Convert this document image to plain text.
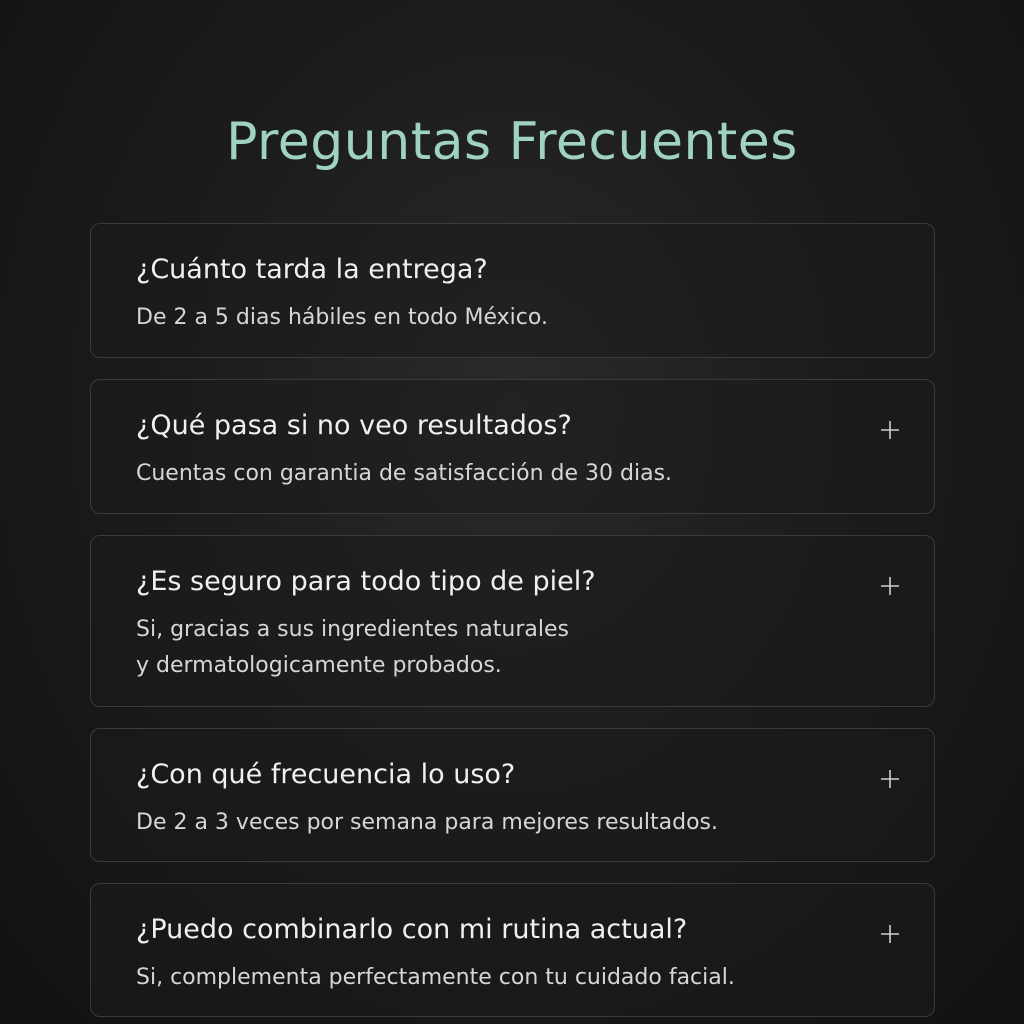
Preguntas Frecuentes

¿Cuánto tarda la entrega?

De 2 a 5 dias hábiles en todo México.

¿Qué pasa si no veo resultados?

Cuentas con garantia de satisfacción de 30 dias.

¿Es seguro para todo tipo de piel?

Si, gracias a sus ingredientes naturales
y dermatologicamente probados.

¿Con qué frecuencia lo uso?

De 2 a 3 veces por semana para mejores resultados.

¿Puedo combinarlo con mi rutina actual?

Si, complementa perfectamente con tu cuidado facial.
